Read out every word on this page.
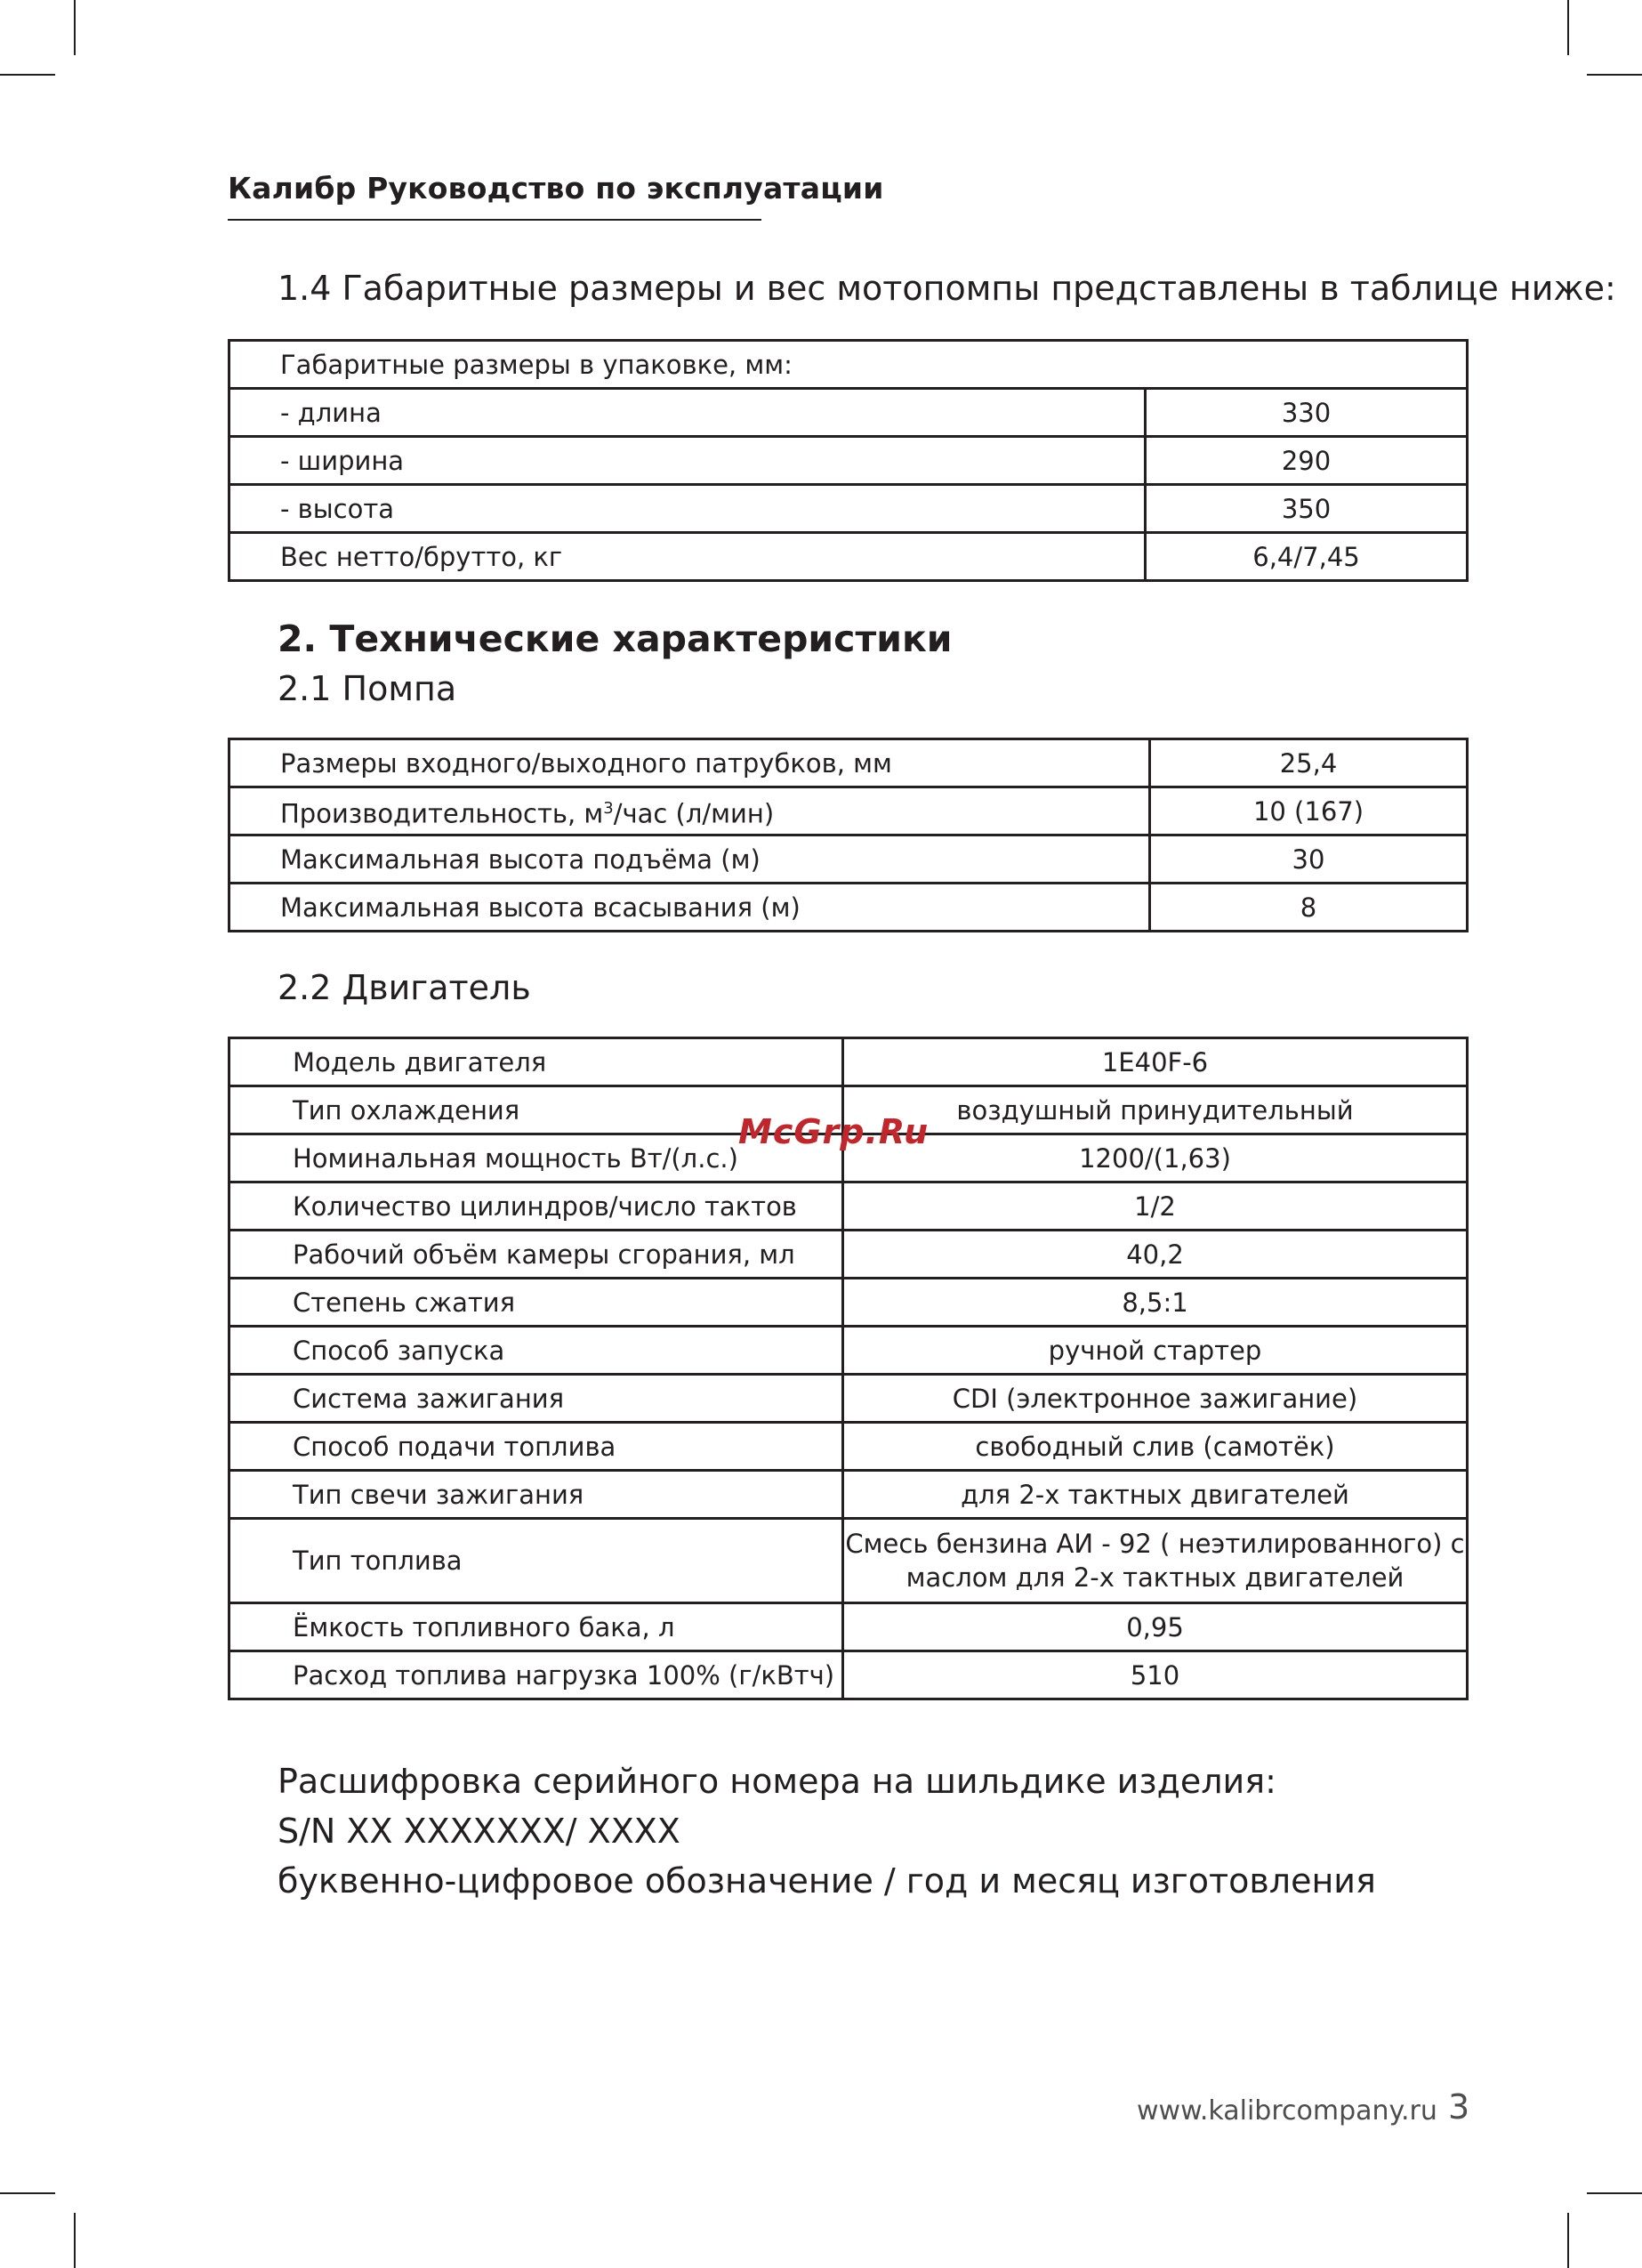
Калибр Руководство по эксплуатации
1.4 Габаритные размеры и вес мотопомпы представлены в таблице ниже:
Габаритные размеры в упаковке, мм:	
- длина	330
- ширина	290
- высота	350
Вес нетто/брутто, кг	6,4/7,45
2. Технические характеристики
2.1 Помпа
Размеры входного/выходного патрубков, мм	25,4
Производительность, $м^3$/час (л/мин)	10 (167)
Максимальная высота подъёма (м)	30
Максимальная высота всасывания (м)	8
2.2 Двигатель
Модель двигателя	1E40F-6
Тип охлаждения	воздушный принудительный
Номинальная мощность Вт/(л.с.)	1200/(1,63)
Количество цилиндров/число тактов	1/2
Рабочий объём камеры сгорания, мл	40,2
Степень сжатия	8,5:1
Способ запуска	ручной стартер
Система зажигания	CDI (электронное зажигание)
Способ подачи топлива	свободный слив (самотёк)
Тип свечи зажигания	для 2-х тактных двигателей
Тип топлива	Смесь бензина АИ - 92 ( неэтилированного) с
маслом для 2-х тактных двигателей

Ёмкость топливного бака, л	0,95
Расход топлива нагрузка 100% (г/кВтч)	510
McGrp.Ru
Расшифровка серийного номера на шильдике изделия:
S/N XX XXXXXXX/ XXXX
буквенно-цифровое обозначение / год и месяц изготовления
www.kalibrcompany.ru 3
